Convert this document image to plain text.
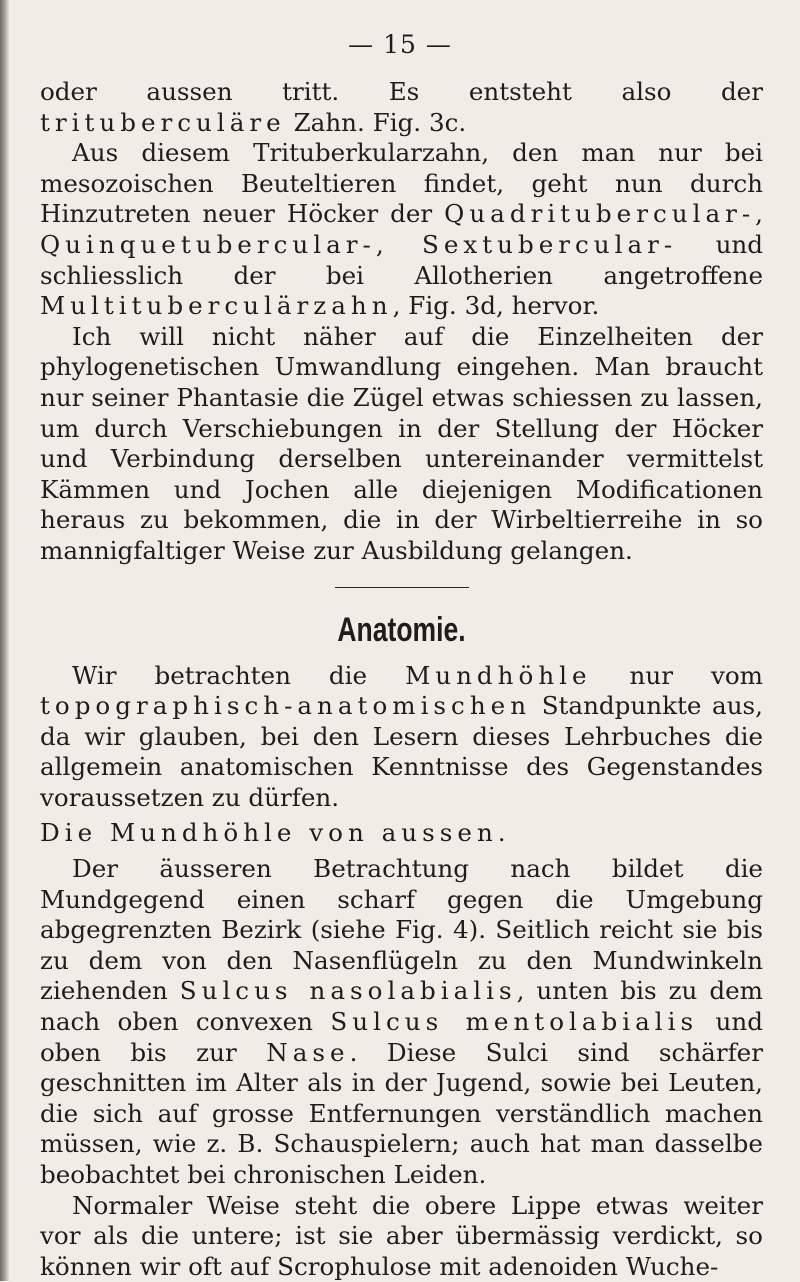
— 15 —

oder aussen tritt. Es entsteht also der trituberculäre Zahn. Fig. 3c.

Aus diesem Trituberkularzahn, den man nur bei mesozoischen Beuteltieren findet, geht nun durch Hinzutreten neuer Höcker der Quadritubercular-, Quinquetubercular-, Sextubercular- und schliesslich der bei Allotherien angetroffene Multituberculärzahn, Fig. 3d, hervor.

Ich will nicht näher auf die Einzelheiten der phylogenetischen Umwandlung eingehen. Man braucht nur seiner Phantasie die Zügel etwas schiessen zu lassen, um durch Verschiebungen in der Stellung der Höcker und Verbindung derselben untereinander vermittelst Kämmen und Jochen alle diejenigen Modificationen heraus zu bekommen, die in der Wirbeltierreihe in so mannigfaltiger Weise zur Ausbildung gelangen.

Anatomie.

Wir betrachten die Mundhöhle nur vom topographisch-anatomischen Standpunkte aus, da wir glauben, bei den Lesern dieses Lehrbuches die allgemein anatomischen Kenntnisse des Gegenstandes voraussetzen zu dürfen.

Die Mundhöhle von aussen.

Der äusseren Betrachtung nach bildet die Mundgegend einen scharf gegen die Umgebung abgegrenzten Bezirk (siehe Fig. 4). Seitlich reicht sie bis zu dem von den Nasenflügeln zu den Mundwinkeln ziehenden Sulcus nasolabialis, unten bis zu dem nach oben convexen Sulcus mentolabialis und oben bis zur Nase. Diese Sulci sind schärfer geschnitten im Alter als in der Jugend, sowie bei Leuten, die sich auf grosse Entfernungen verständlich machen müssen, wie z. B. Schauspielern; auch hat man dasselbe beobachtet bei chronischen Leiden.

Normaler Weise steht die obere Lippe etwas weiter vor als die untere; ist sie aber übermässig verdickt, so können wir oft auf Scrophulose mit adenoiden Wuche-
